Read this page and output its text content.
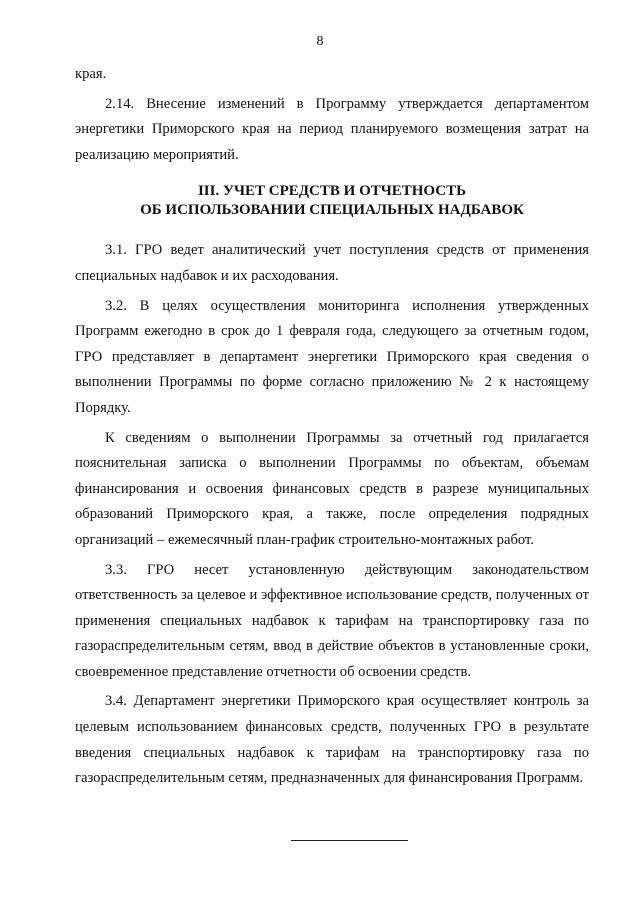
8

края.

2.14. Внесение изменений в Программу утверждается департаментом энергетики Приморского края на период планируемого возмещения затрат на реализацию мероприятий.

III. УЧЕТ СРЕДСТВ И ОТЧЕТНОСТЬ
ОБ ИСПОЛЬЗОВАНИИ СПЕЦИАЛЬНЫХ НАДБАВОК

3.1. ГРО ведет аналитический учет поступления средств от применения специальных надбавок и их расходования.

3.2. В целях осуществления мониторинга исполнения утвержденных Программ ежегодно в срок до 1 февраля года, следующего за отчетным годом, ГРО представляет в департамент энергетики Приморского края сведения о выполнении Программы по форме согласно приложению № 2 к настоящему Порядку.

К сведениям о выполнении Программы за отчетный год прилагается пояснительная записка о выполнении Программы по объектам, объемам финансирования и освоения финансовых средств в разрезе муниципальных образований Приморского края, а также, после определения подрядных организаций – ежемесячный план-график строительно-монтажных работ.

3.3. ГРО несет установленную действующим законодательством ответственность за целевое и эффективное использование средств, полученных от применения специальных надбавок к тарифам на транспортировку газа по газораспределительным сетям, ввод в действие объектов в установленные сроки, своевременное представление отчетности об освоении средств.

3.4. Департамент энергетики Приморского края осуществляет контроль за целевым использованием финансовых средств, полученных ГРО в результате введения специальных надбавок к тарифам на транспортировку газа по газораспределительным сетям, предназначенных для финансирования Программ.
